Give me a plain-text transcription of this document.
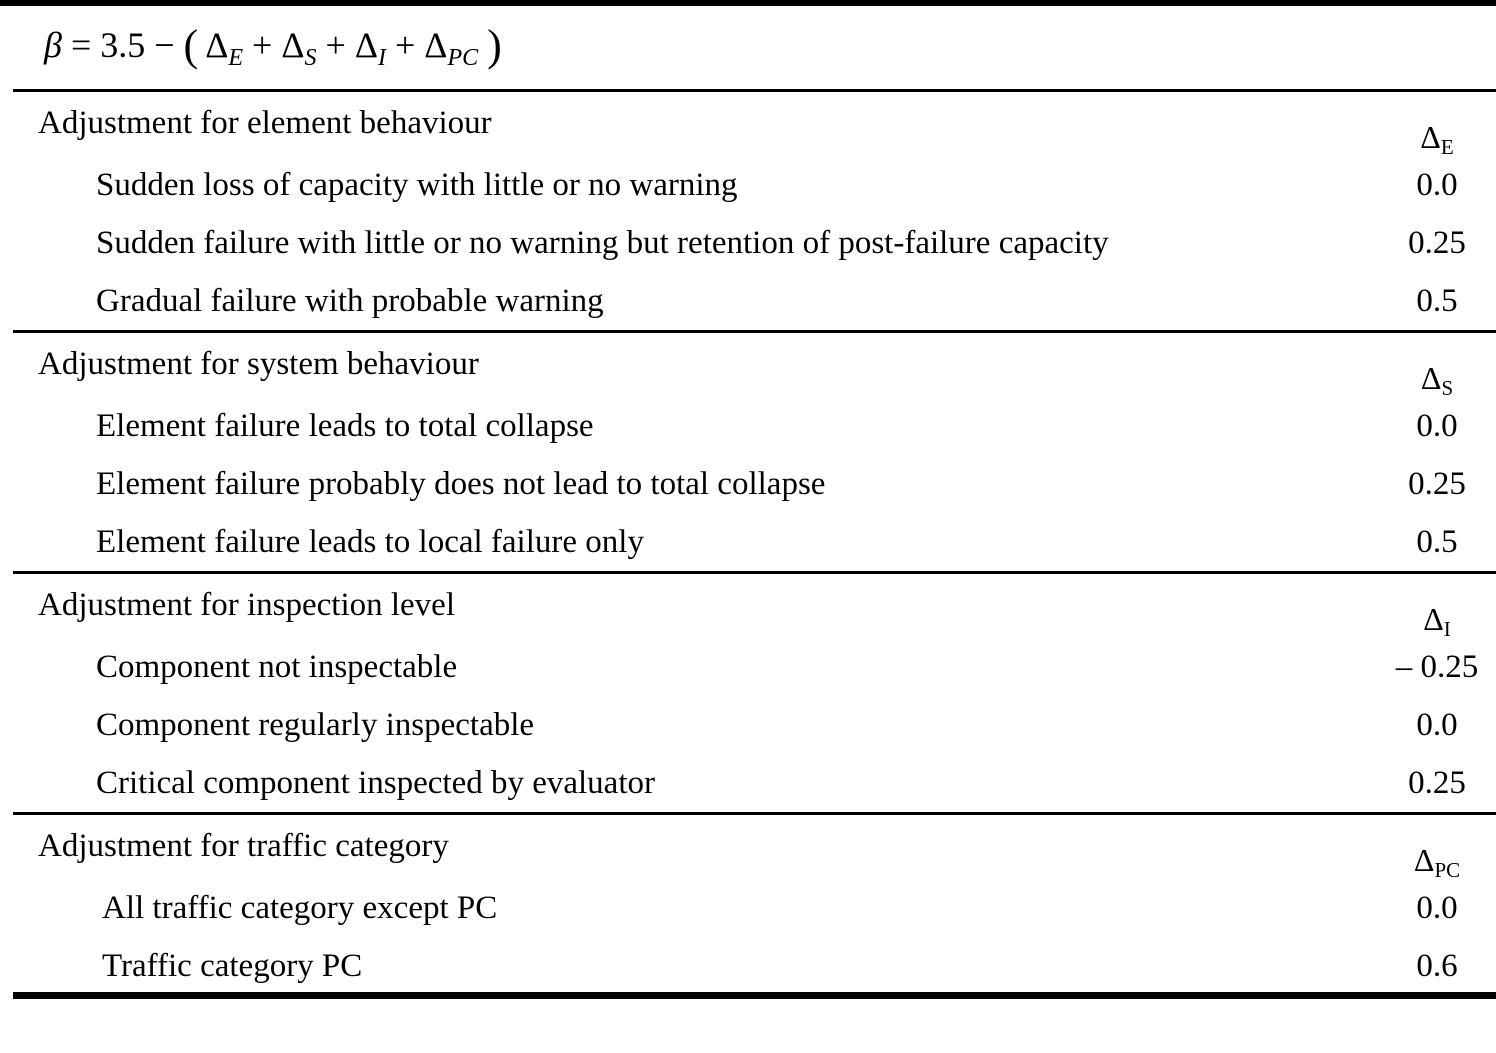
β = 3.5 − ( $\Delta_E + \Delta_S + \Delta_I + \Delta_{PC}$ )
Adjustment for element behaviour	$\Delta_E$
Sudden loss of capacity with little or no warning	0.0
Sudden failure with little or no warning but retention of post-failure capacity	0.25
Gradual failure with probable warning	0.5
Adjustment for system behaviour	$\Delta_S$
Element failure leads to total collapse	0.0
Element failure probably does not lead to total collapse	0.25
Element failure leads to local failure only	0.5
Adjustment for inspection level	$\Delta_I$
Component not inspectable	– 0.25
Component regularly inspectable	0.0
Critical component inspected by evaluator	0.25
Adjustment for traffic category	$\Delta_{PC}$
All traffic category except PC	0.0
Traffic category PC	0.6
